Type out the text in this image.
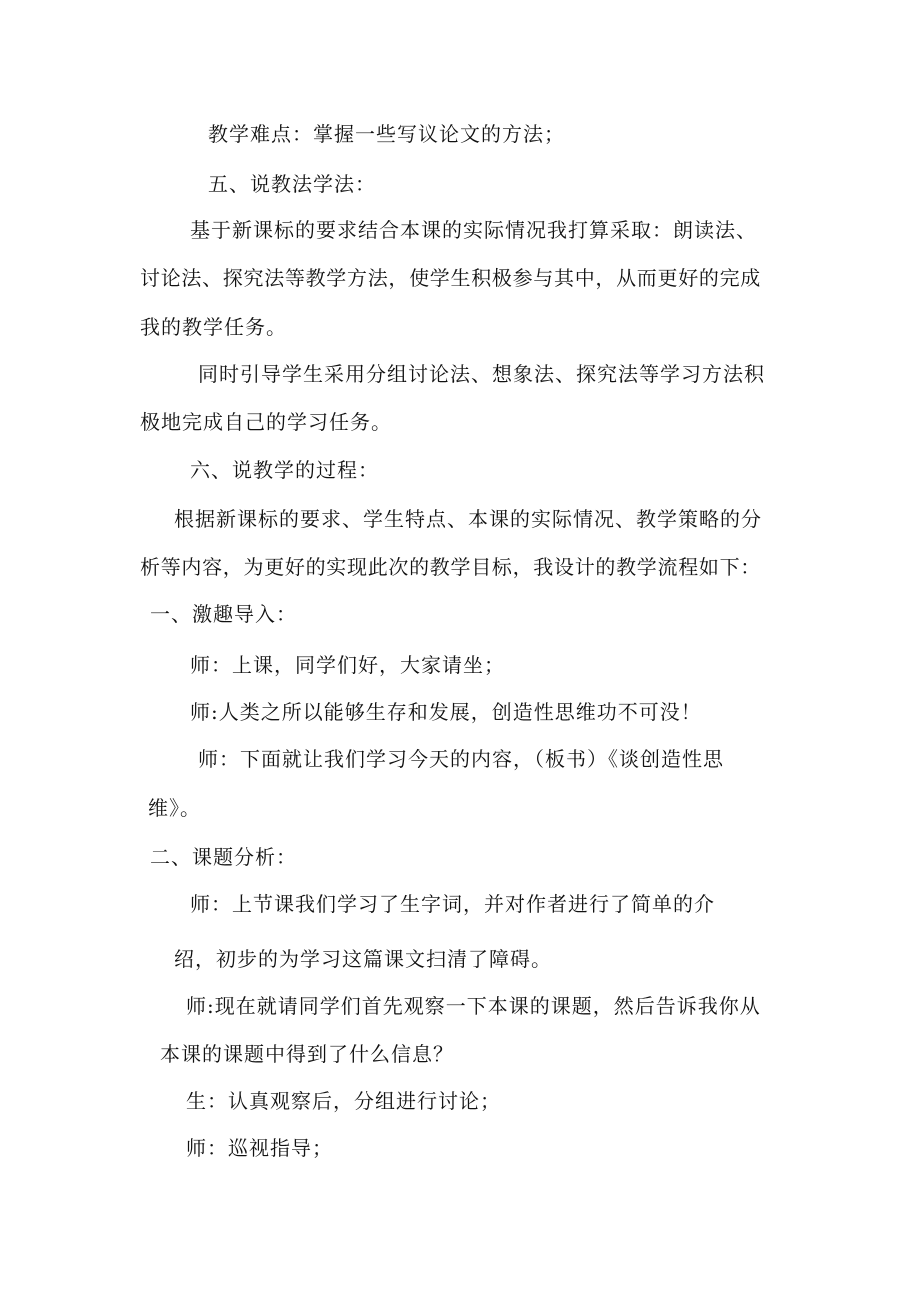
教学难点：掌握一些写议论文的方法；
五、说教法学法：
基于新课标的要求结合本课的实际情况我打算采取：朗读法、
讨论法、探究法等教学方法，使学生积极参与其中，从而更好的完成
我的教学任务。
同时引导学生采用分组讨论法、想象法、探究法等学习方法积
极地完成自己的学习任务。
六、说教学的过程：
根据新课标的要求、学生特点、本课的实际情况、教学策略的分
析等内容，为更好的实现此次的教学目标，我设计的教学流程如下：
一、激趣导入：
师：上课，同学们好，大家请坐；
师:人类之所以能够生存和发展，创造性思维功不可没！
师：下面就让我们学习今天的内容，（板书）《谈创造性思
维》。
二、课题分析：
师：上节课我们学习了生字词，并对作者进行了简单的介
绍，初步的为学习这篇课文扫清了障碍。
师:现在就请同学们首先观察一下本课的课题，然后告诉我你从
本课的课题中得到了什么信息？
生：认真观察后，分组进行讨论；
师：巡视指导；
